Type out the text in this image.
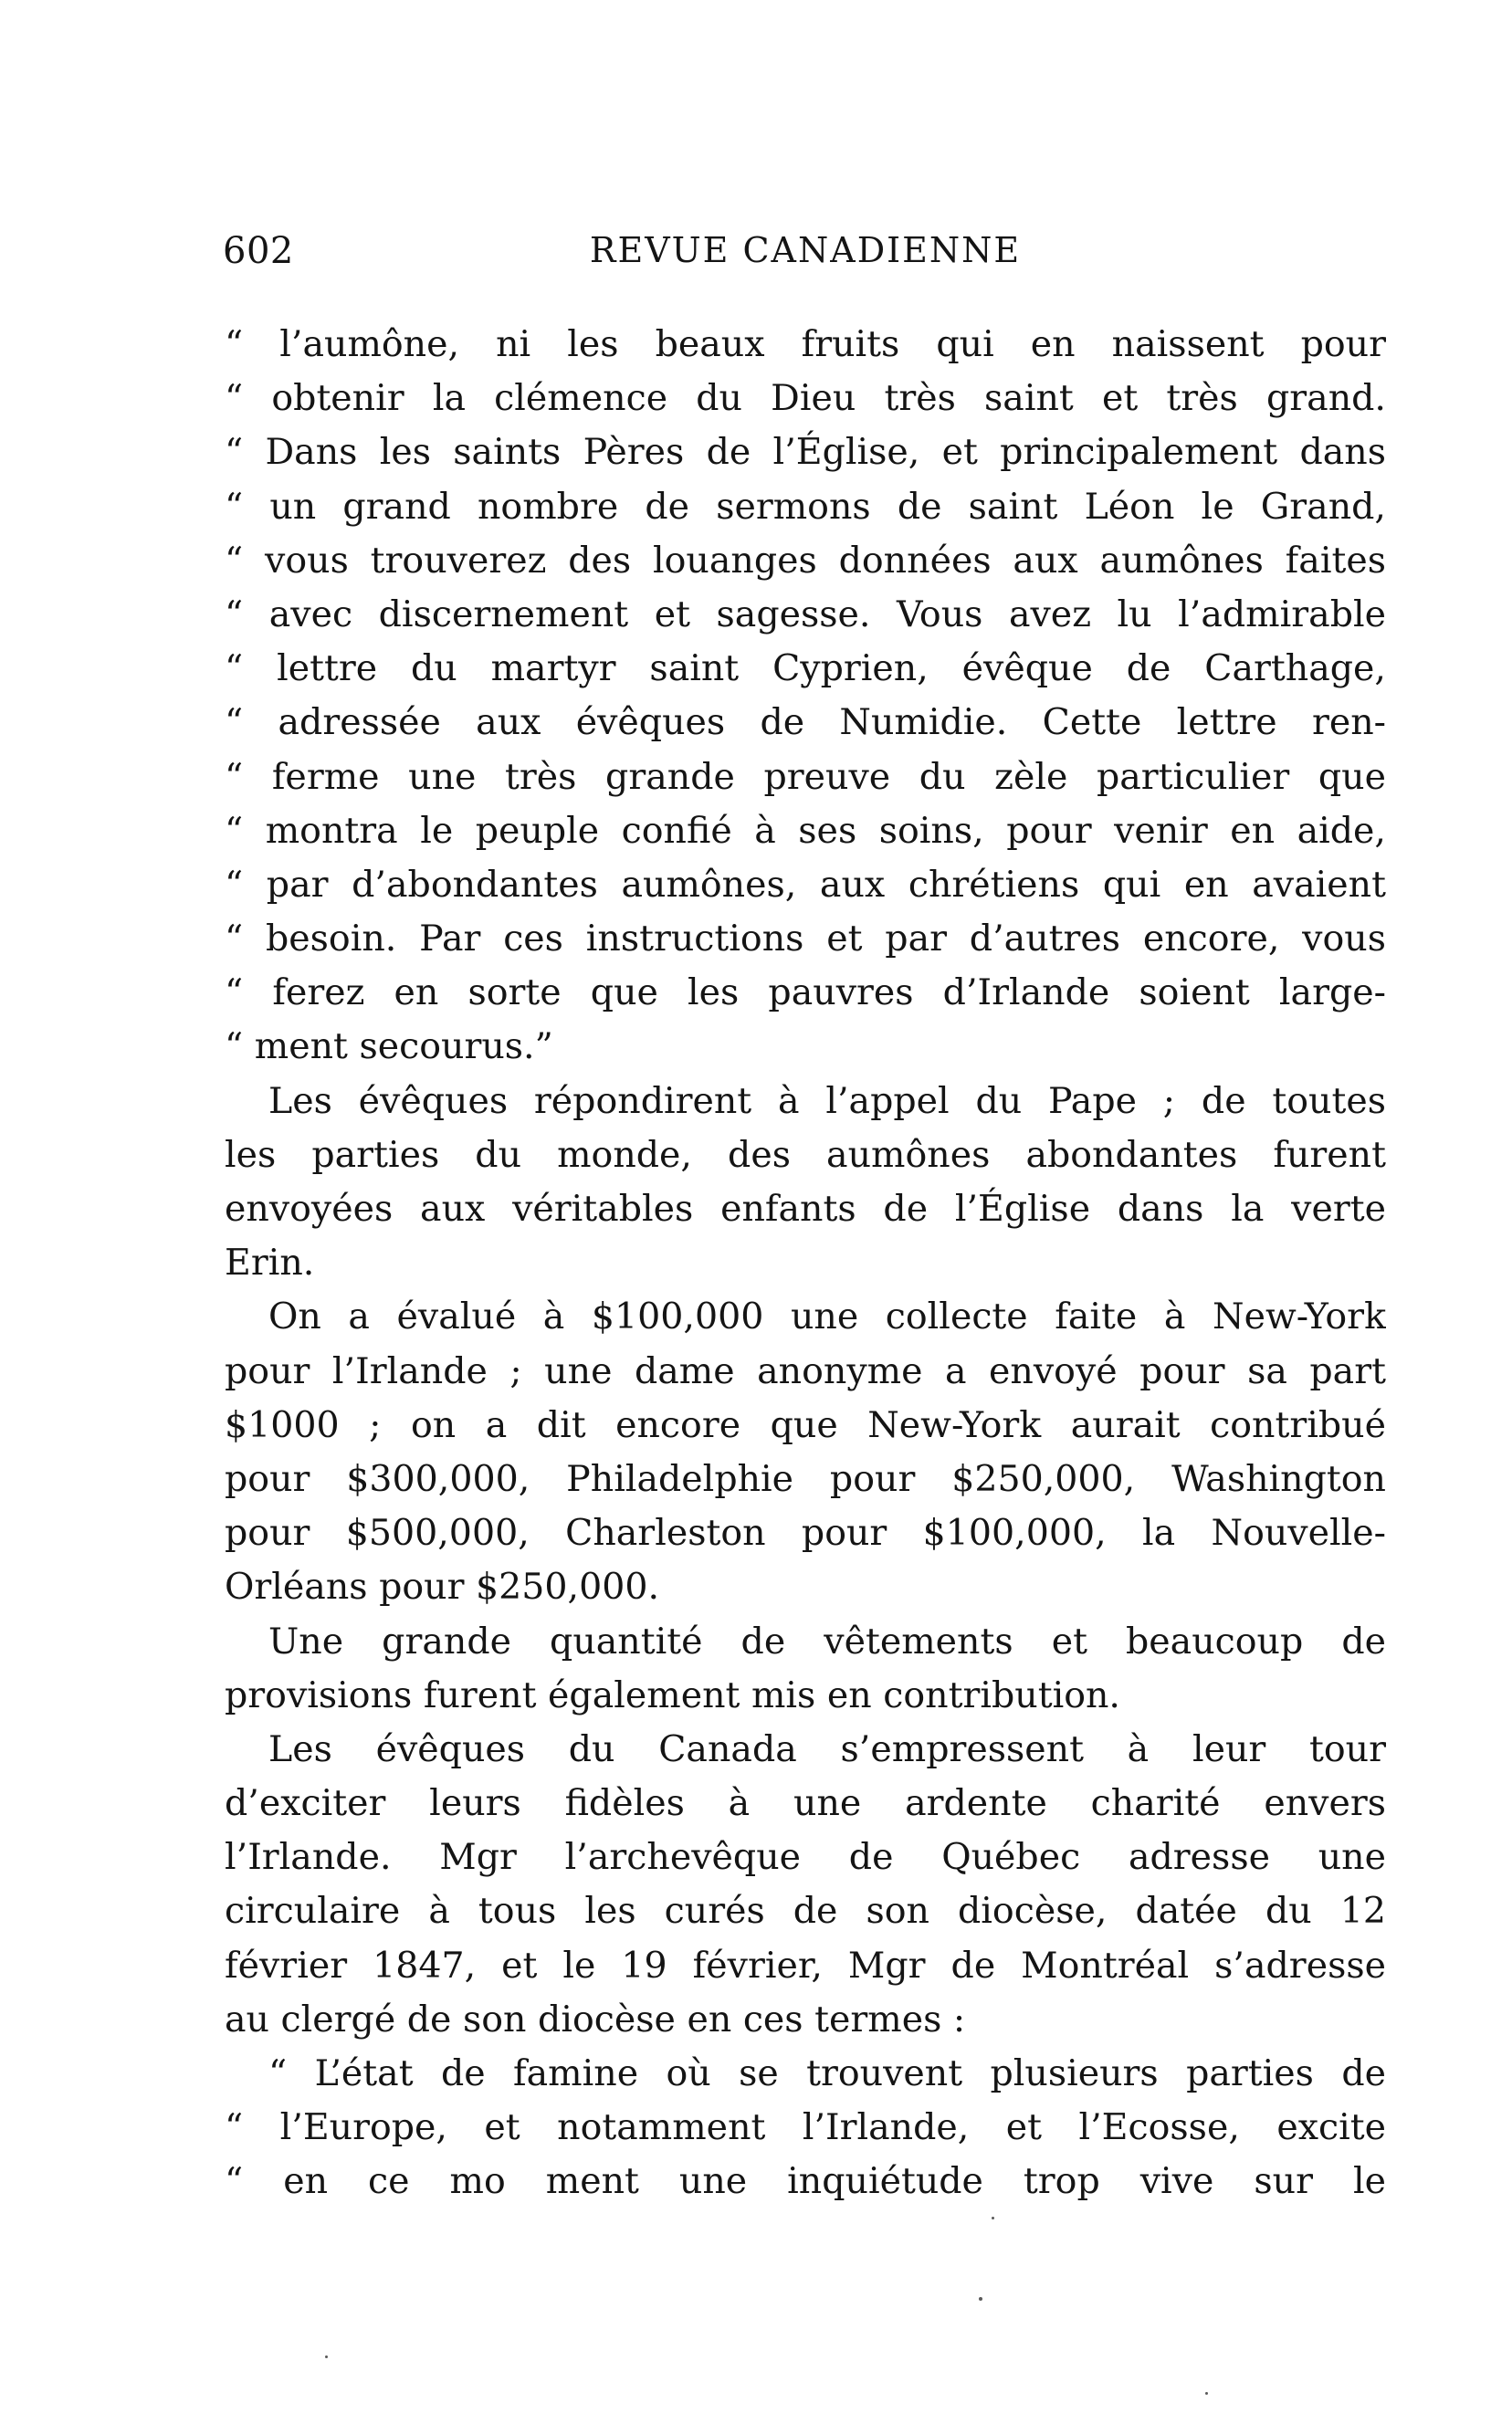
602	REVUE CANADIENNE
“ l’aumône, ni les beaux fruits qui en naissent pour
“ obtenir la clémence du Dieu très saint et très grand.
“ Dans les saints Pères de l’Église, et principalement dans
“ un grand nombre de sermons de saint Léon le Grand,
“ vous trouverez des louanges données aux aumônes faites
“ avec discernement et sagesse. Vous avez lu l’admirable
“ lettre du martyr saint Cyprien, évêque de Carthage,
“ adressée aux évêques de Numidie. Cette lettre ren-
“ ferme une très grande preuve du zèle particulier que
“ montra le peuple confié à ses soins, pour venir en aide,
“ par d’abondantes aumônes, aux chrétiens qui en avaient
“ besoin. Par ces instructions et par d’autres encore, vous
“ ferez en sorte que les pauvres d’Irlande soient large-
“ ment secourus.”
Les évêques répondirent à l’appel du Pape ; de toutes
les parties du monde, des aumônes abondantes furent
envoyées aux véritables enfants de l’Église dans la verte
Erin.
On a évalué à $100,000 une collecte faite à New-York
pour l’Irlande ; une dame anonyme a envoyé pour sa part
$1000 ; on a dit encore que New-York aurait contribué
pour $300,000, Philadelphie pour $250,000, Washington
pour $500,000, Charleston pour $100,000, la Nouvelle-
Orléans pour $250,000.
Une grande quantité de vêtements et beaucoup de
provisions furent également mis en contribution.
Les évêques du Canada s’empressent à leur tour
d’exciter leurs fidèles à une ardente charité envers
l’Irlande. Mgr l’archevêque de Québec adresse une
circulaire à tous les curés de son diocèse, datée du 12
février 1847, et le 19 février, Mgr de Montréal s’adresse
au clergé de son diocèse en ces termes :
“ L’état de famine où se trouvent plusieurs parties de
“ l’Europe, et notamment l’Irlande, et l’Ecosse, excite
“ en ce mo ment une inquiétude trop vive sur le
